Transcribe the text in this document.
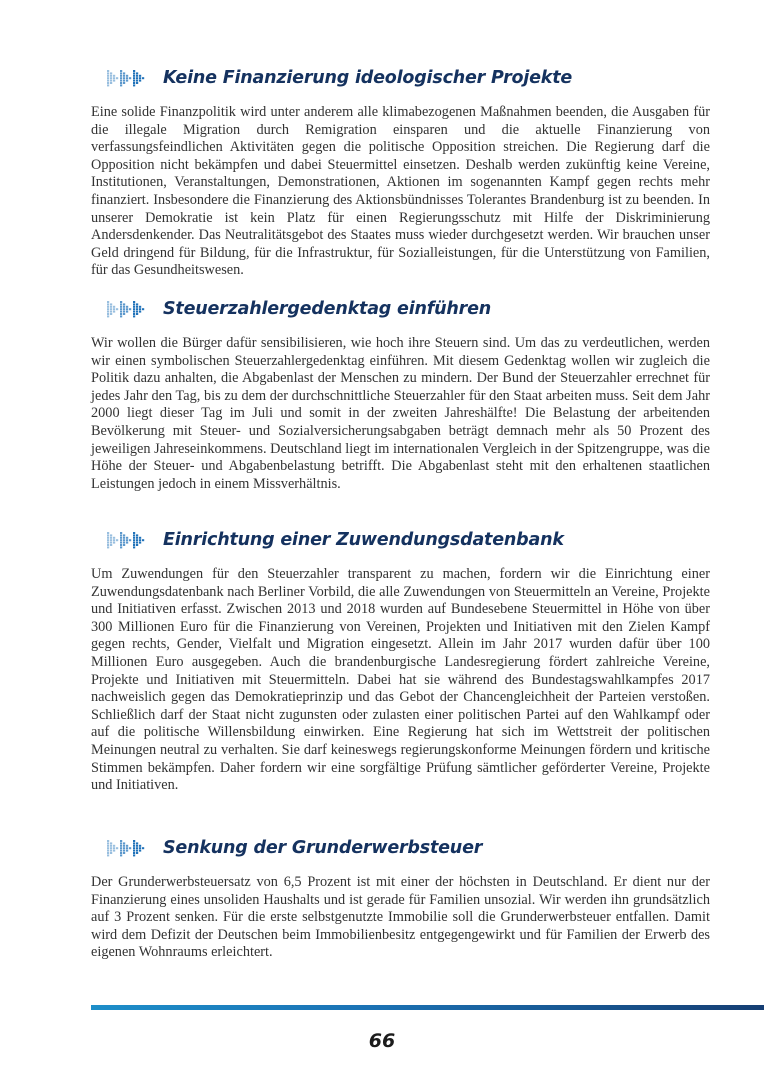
Keine Finanzierung ideologischer Projekte

Eine solide Finanzpolitik wird unter anderem alle klimabezogenen Maßnahmen beenden, die Ausgaben für die illegale Migration durch Remigration einsparen und die aktuelle Finanzierung von verfassungsfeindlichen Aktivitäten gegen die politische Opposition streichen. Die Regierung darf die Opposition nicht bekämpfen und dabei Steuermittel einsetzen. Deshalb werden zukünftig keine Vereine, Institutionen, Veranstaltungen, Demonstrationen, Aktionen im sogenannten Kampf gegen rechts mehr finanziert. Insbesondere die Finanzierung des Aktionsbündnisses Tolerantes Brandenburg ist zu beenden. In unserer Demokratie ist kein Platz für einen Regierungsschutz mit Hilfe der Diskriminierung Andersdenkender. Das Neutralitätsgebot des Staates muss wieder durchgesetzt werden. Wir brauchen unser Geld dringend für Bildung, für die Infrastruktur, für Sozialleistungen, für die Unterstützung von Familien, für das Gesundheitswesen.

Steuerzahlergedenktag einführen

Wir wollen die Bürger dafür sensibilisieren, wie hoch ihre Steuern sind. Um das zu verdeutlichen, werden wir einen symbolischen Steuerzahlergedenktag einführen. Mit diesem Gedenktag wollen wir zugleich die Politik dazu anhalten, die Abgabenlast der Menschen zu mindern. Der Bund der Steuerzahler errechnet für jedes Jahr den Tag, bis zu dem der durchschnittliche Steuerzahler für den Staat arbeiten muss. Seit dem Jahr 2000 liegt dieser Tag im Juli und somit in der zweiten Jahreshälfte! Die Belastung der arbeitenden Bevölkerung mit Steuer- und Sozialversicherungsabgaben beträgt demnach mehr als 50 Prozent des jeweiligen Jahreseinkommens. Deutschland liegt im internationalen Vergleich in der Spitzengruppe, was die Höhe der Steuer- und Abgabenbelastung betrifft. Die Abgabenlast steht mit den erhaltenen staatlichen Leistungen jedoch in einem Missverhältnis.

Einrichtung einer Zuwendungsdatenbank

Um Zuwendungen für den Steuerzahler transparent zu machen, fordern wir die Einrichtung einer Zuwendungsdatenbank nach Berliner Vorbild, die alle Zuwendungen von Steuermitteln an Vereine, Projekte und Initiativen erfasst. Zwischen 2013 und 2018 wurden auf Bundesebene Steuermittel in Höhe von über 300 Millionen Euro für die Finanzierung von Vereinen, Projekten und Initiativen mit den Zielen Kampf gegen rechts, Gender, Vielfalt und Migration eingesetzt. Allein im Jahr 2017 wurden dafür über 100 Millionen Euro ausgegeben. Auch die brandenburgische Landesregierung fördert zahlreiche Vereine, Projekte und Initiativen mit Steuermitteln. Dabei hat sie während des Bundestagswahlkampfes 2017 nachweislich gegen das Demokratieprinzip und das Gebot der Chancengleichheit der Parteien verstoßen. Schließlich darf der Staat nicht zugunsten oder zulasten einer politischen Partei auf den Wahlkampf oder auf die politische Willensbildung einwirken. Eine Regierung hat sich im Wettstreit der politischen Meinungen neutral zu verhalten. Sie darf keineswegs regierungskonforme Meinungen fördern und kritische Stimmen bekämpfen. Daher fordern wir eine sorgfältige Prüfung sämtlicher geförderter Vereine, Projekte und Initiativen.

Senkung der Grunderwerbsteuer

Der Grunderwerbsteuersatz von 6,5 Prozent ist mit einer der höchsten in Deutschland. Er dient nur der Finanzierung eines unsoliden Haushalts und ist gerade für Familien unsozial. Wir werden ihn grundsätzlich auf 3 Prozent senken. Für die erste selbstgenutzte Immobilie soll die Grunderwerbsteuer entfallen. Damit wird dem Defizit der Deutschen beim Immobilienbesitz entgegengewirkt und für Familien der Erwerb des eigenen Wohnraums erleichtert.

66
